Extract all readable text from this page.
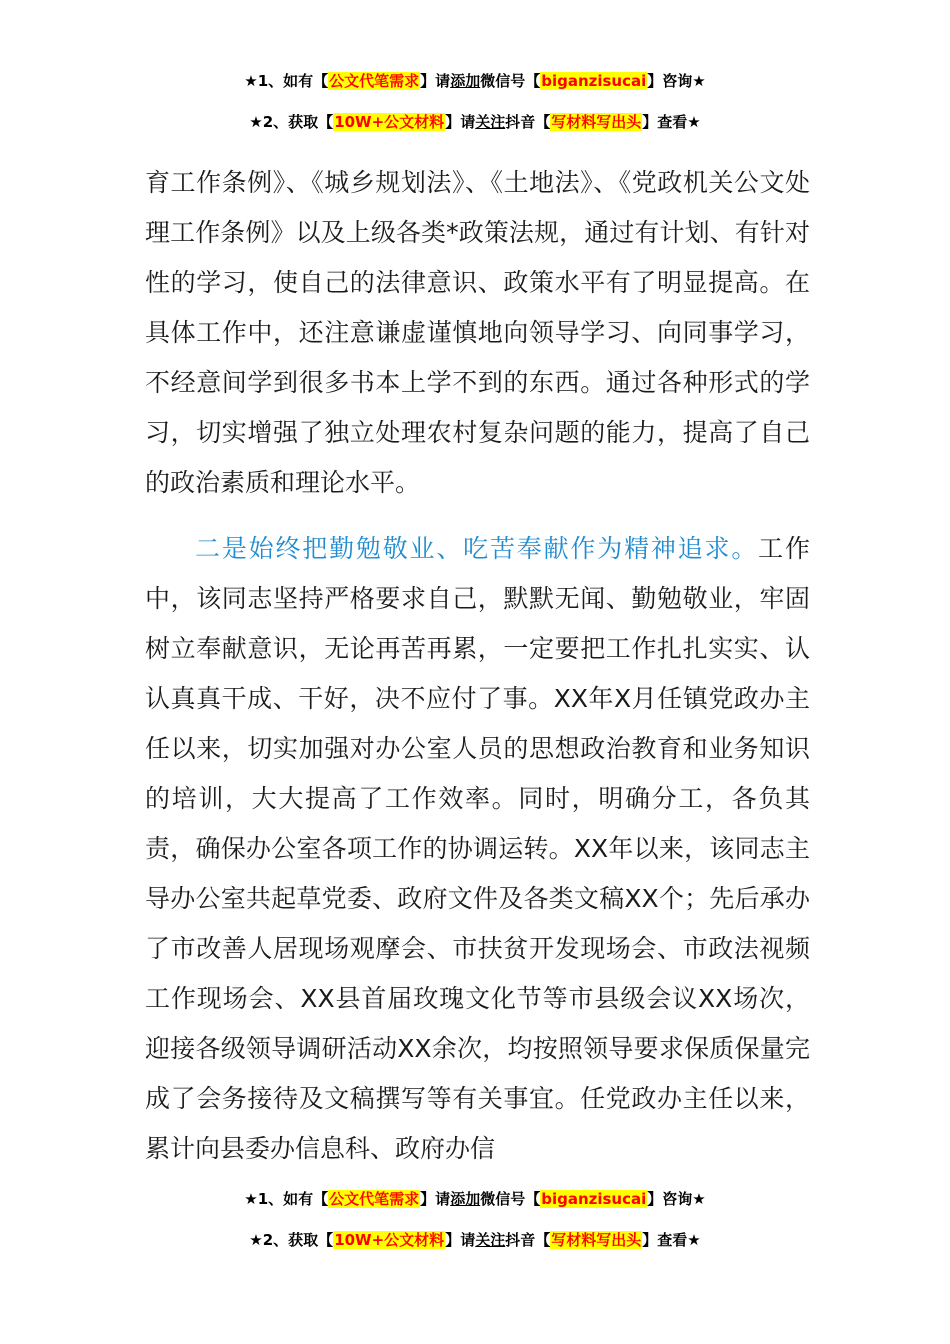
★1、如有【公文代笔需求】请添加微信号【biganzisucai】咨询★
★2、获取【10W+公文材料】请关注抖音【写材料写出头】查看★

育工作条例》、《城乡规划法》、《土地法》、《党政机关公文处理工作条例》以及上级各类*政策法规，通过有计划、有针对性的学习，使自己的法律意识、政策水平有了明显提高。在具体工作中，还注意谦虚谨慎地向领导学习、向同事学习，不经意间学到很多书本上学不到的东西。通过各种形式的学习，切实增强了独立处理农村复杂问题的能力，提高了自己的政治素质和理论水平。

二是始终把勤勉敬业、吃苦奉献作为精神追求。工作中，该同志坚持严格要求自己，默默无闻、勤勉敬业，牢固树立奉献意识，无论再苦再累，一定要把工作扎扎实实、认认真真干成、干好，决不应付了事。XX年X月任镇党政办主任以来，切实加强对办公室人员的思想政治教育和业务知识的培训，大大提高了工作效率。同时，明确分工，各负其责，确保办公室各项工作的协调运转。XX年以来，该同志主导办公室共起草党委、政府文件及各类文稿XX个；先后承办了市改善人居现场观摩会、市扶贫开发现场会、市政法视频工作现场会、XX县首届玫瑰文化节等市县级会议XX场次，迎接各级领导调研活动XX余次，均按照领导要求保质保量完成了会务接待及文稿撰写等有关事宜。任党政办主任以来，累计向县委办信息科、政府办信

★1、如有【公文代笔需求】请添加微信号【biganzisucai】咨询★
★2、获取【10W+公文材料】请关注抖音【写材料写出头】查看★
